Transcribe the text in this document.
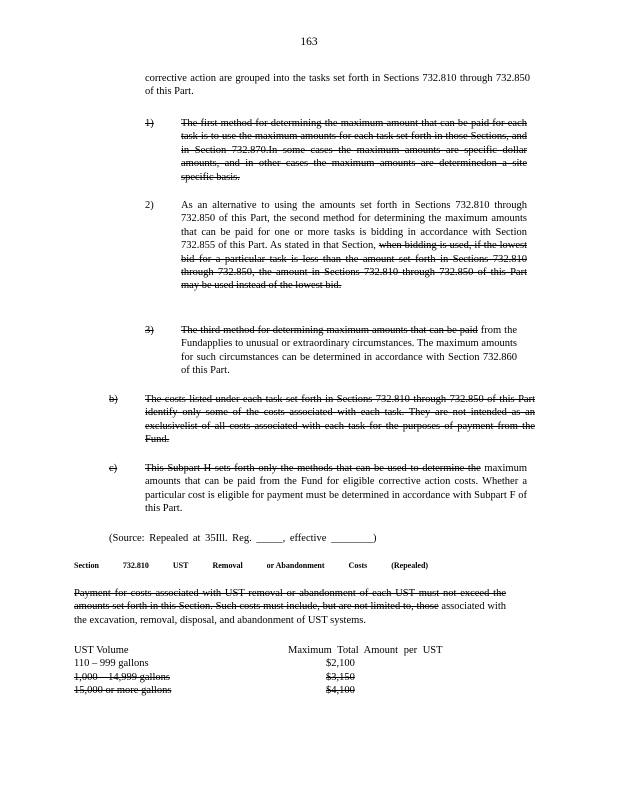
163
corrective action are grouped into the tasks set forth in Sections 732.810 through 732.850 of this Part.
1)	The first method for determining the maximum amount that can be paid for each task is to use the maximum amounts for each task set forth in those Sections, and in Section 732.870.In some cases the maximum amounts are specific dollar amounts, and in other cases the maximum amounts are determinedon a site specific basis.
2)	As an alternative to using the amounts set forth in Sections 732.810 through 732.850 of this Part, the second method for determining the maximum amounts that can be paid for one or more tasks is bidding in accordance with Section 732.855 of this Part. As stated in that Section, when bidding is used, if the lowest bid for a particular task is less than the amount set forth in Sections 732.810 through 732.850, the amount in Sections 732.810 through 732.850 of this Part may be used instead of the lowest bid.
3)	The third method for determining maximum amounts that can be paid from the Fundapplies to unusual or extraordinary circumstances. The maximum amounts for such circumstances can be determined in accordance with Section 732.860 of this Part.
b)	The costs listed under each task set forth in Sections 732.810 through 732.850 of this Part identify only some of the costs associated with each task. They are not intended as an exclusivelist of all costs associated with each task for the purposes of payment from the Fund.
c)	This Subpart H sets forth only the methods that can be used to determine the maximum amounts that can be paid from the Fund for eligible corrective action costs. Whether a particular cost is eligible for payment must be determined in accordance with Subpart F of this Part.
(Source: Repealed at 35Ill. Reg. _____, effective ________)
Section	732.810	UST	Removal	or Abandonment	Costs	(Repealed)
Payment for costs associated with UST removal or abandonment of each UST must not exceed the amounts set forth in this Section. Such costs must include, but are not limited to, those associated with the excavation, removal, disposal, and abandonment of UST systems.
UST Volume	Maximum Total Amount per UST
110 – 999 gallons	$2,100
1,000 – 14,999 gallons	$3,150
15,000 or more gallons	$4,100
